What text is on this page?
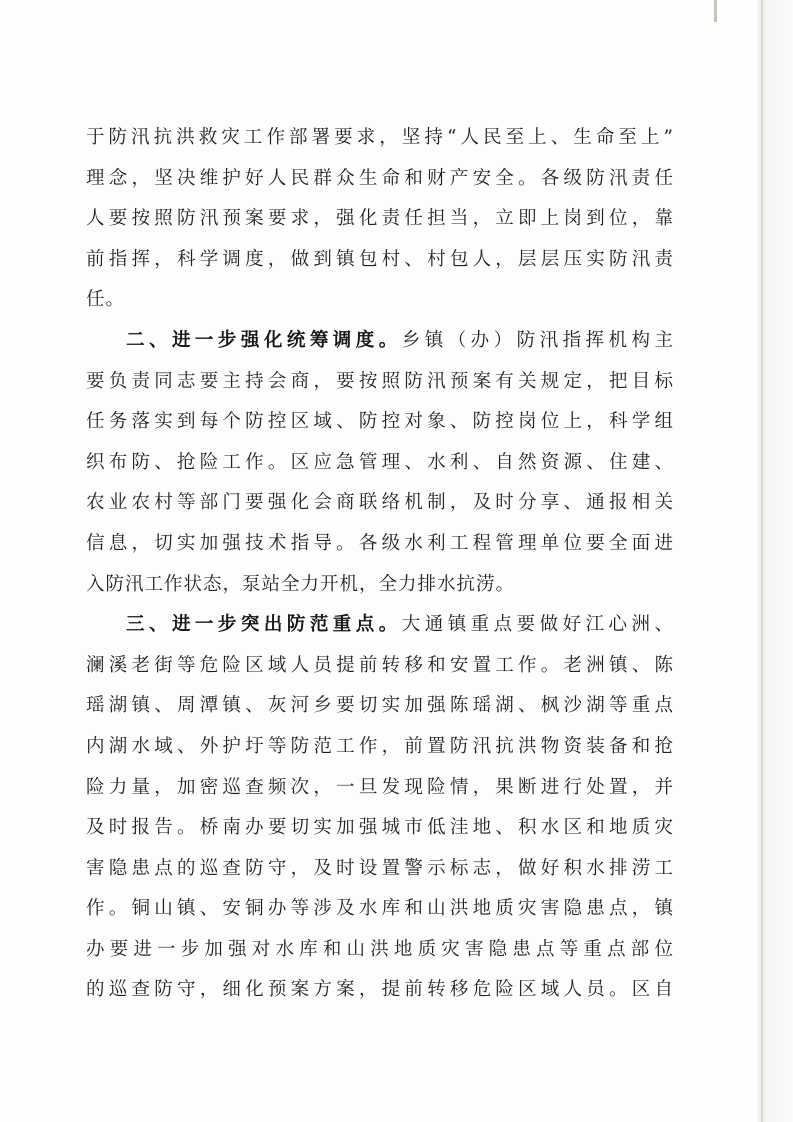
于防汛抗洪救灾工作部署要求，坚持“人民至上、生命至上”
理念，坚决维护好人民群众生命和财产安全。各级防汛责任
人要按照防汛预案要求，强化责任担当，立即上岗到位，靠
前指挥，科学调度，做到镇包村、村包人，层层压实防汛责
任。
二、进一步强化统筹调度。乡镇（办）防汛指挥机构主
要负责同志要主持会商，要按照防汛预案有关规定，把目标
任务落实到每个防控区域、防控对象、防控岗位上，科学组
织布防、抢险工作。区应急管理、水利、自然资源、住建、
农业农村等部门要强化会商联络机制，及时分享、通报相关
信息，切实加强技术指导。各级水利工程管理单位要全面进
入防汛工作状态，泵站全力开机，全力排水抗涝。
三、进一步突出防范重点。大通镇重点要做好江心洲、
澜溪老街等危险区域人员提前转移和安置工作。老洲镇、陈
瑶湖镇、周潭镇、灰河乡要切实加强陈瑶湖、枫沙湖等重点
内湖水域、外护圩等防范工作，前置防汛抗洪物资装备和抢
险力量，加密巡查频次，一旦发现险情，果断进行处置，并
及时报告。桥南办要切实加强城市低洼地、积水区和地质灾
害隐患点的巡查防守，及时设置警示标志，做好积水排涝工
作。铜山镇、安铜办等涉及水库和山洪地质灾害隐患点，镇
办要进一步加强对水库和山洪地质灾害隐患点等重点部位
的巡查防守，细化预案方案，提前转移危险区域人员。区自
